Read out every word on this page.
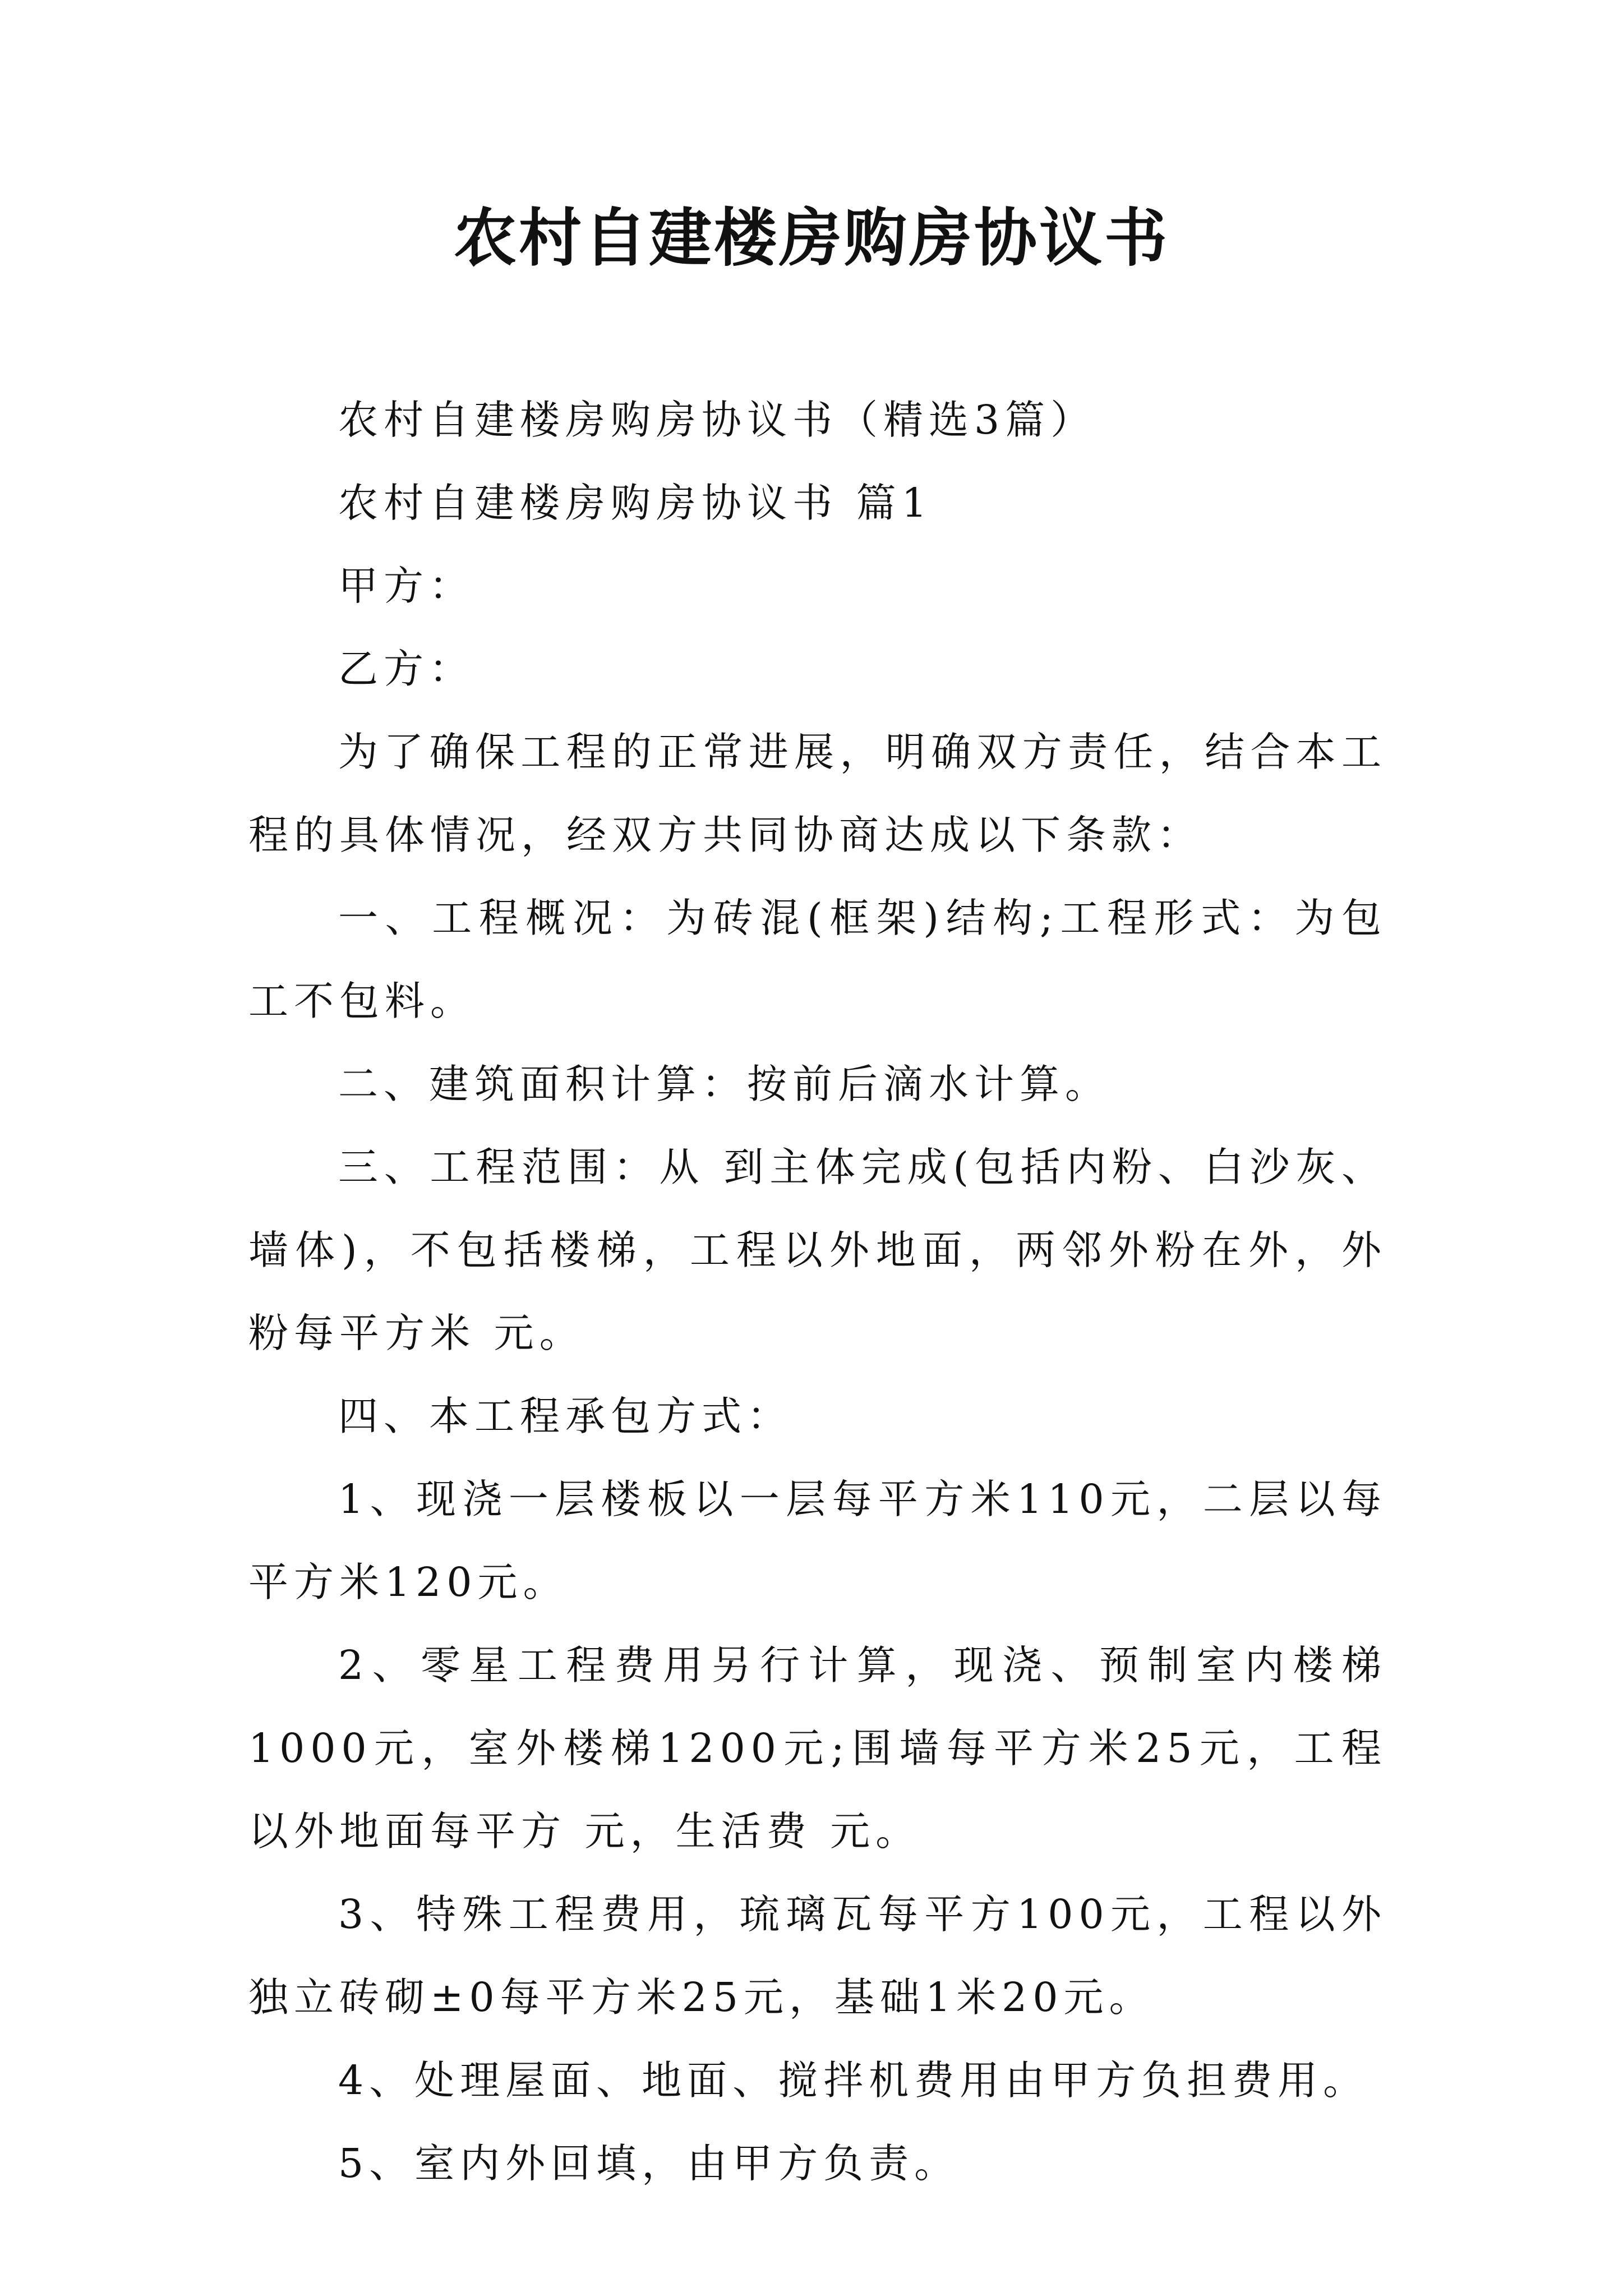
农村自建楼房购房协议书

农村自建楼房购房协议书（精选3篇）

农村自建楼房购房协议书 篇1

甲方：

乙方：

为了确保工程的正常进展，明确双方责任，结合本工程的具体情况，经双方共同协商达成以下条款：

一、工程概况：为砖混(框架)结构;工程形式：为包工不包料。

二、建筑面积计算：按前后滴水计算。

三、工程范围：从 到主体完成(包括内粉、白沙灰、墙体)，不包括楼梯，工程以外地面，两邻外粉在外，外粉每平方米 元。

四、本工程承包方式：

1、现浇一层楼板以一层每平方米110元，二层以每平方米120元。

2、零星工程费用另行计算，现浇、预制室内楼梯1000元，室外楼梯1200元;围墙每平方米25元，工程以外地面每平方 元，生活费 元。

3、特殊工程费用，琉璃瓦每平方100元，工程以外独立砖砌±0每平方米25元，基础1米20元。

4、处理屋面、地面、搅拌机费用由甲方负担费用。

5、室内外回填，由甲方负责。
